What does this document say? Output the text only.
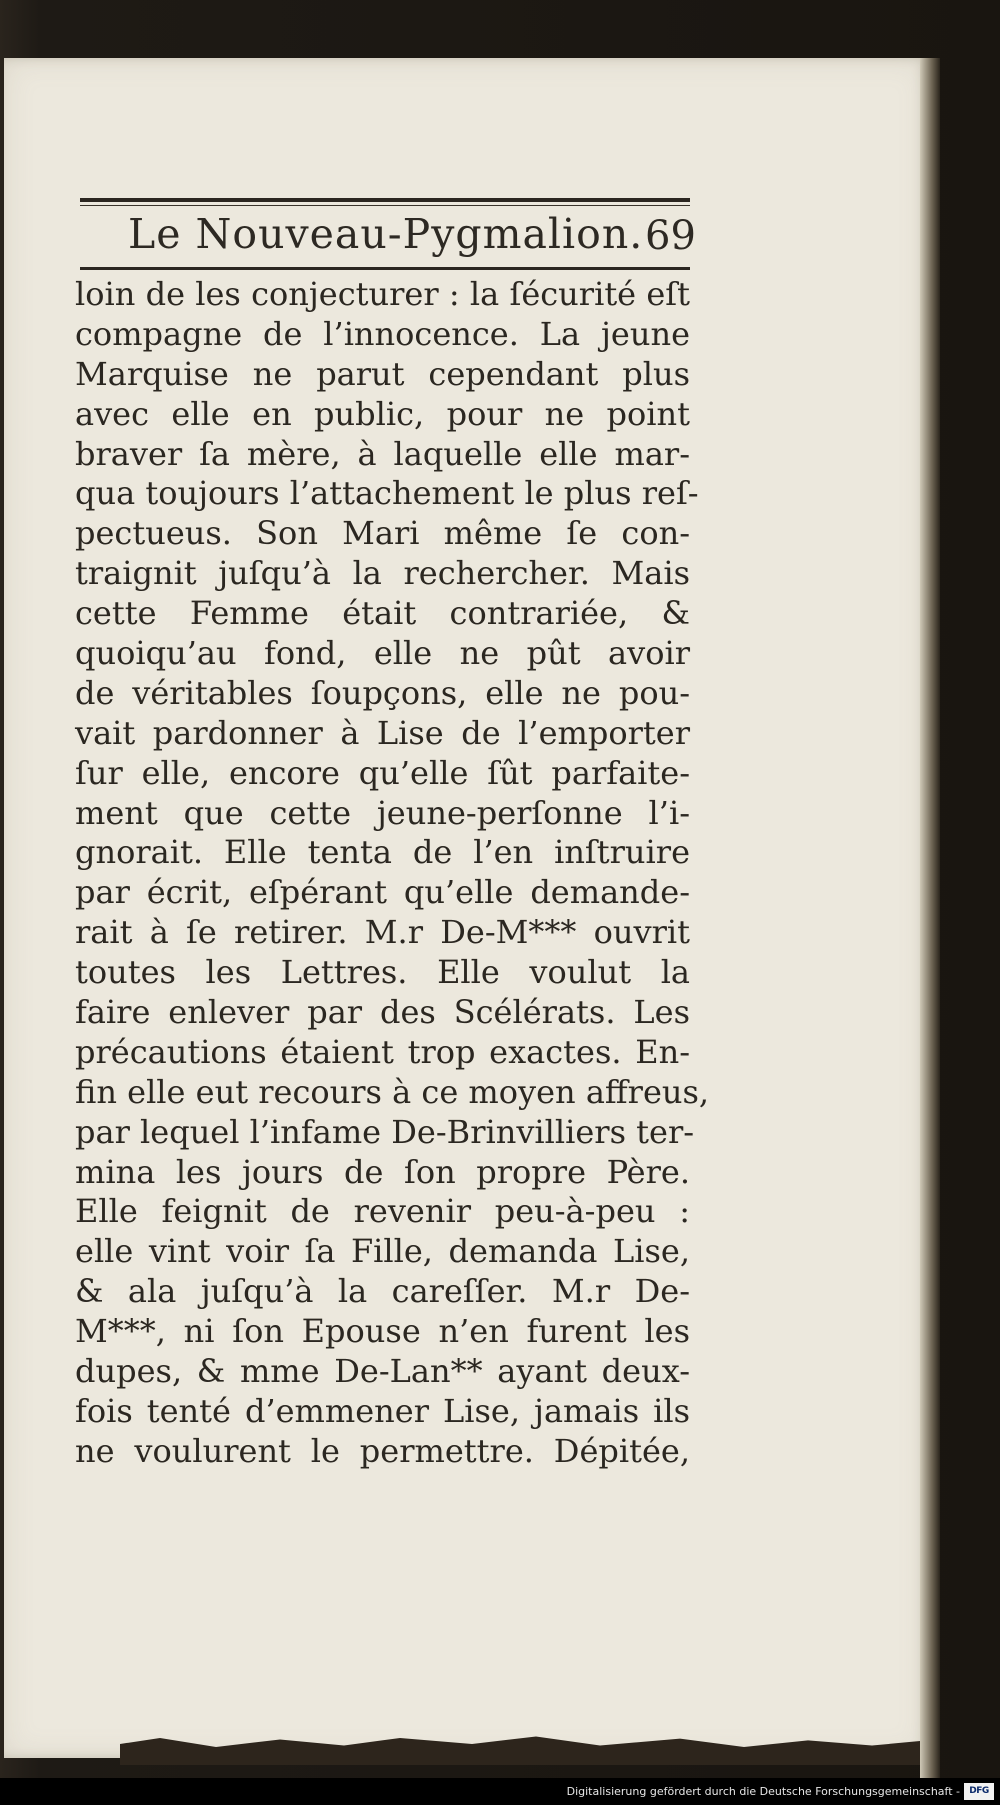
Le Nouveau-Pygmalion. 69
loin de les conjecturer : la ſécurité eſt
compagne de l’innocence. La jeune
Marquise ne parut cependant plus
avec elle en public, pour ne point
braver ſa mère, à laquelle elle mar-
qua toujours l’attachement le plus reſ-
pectueus. Son Mari même ſe con-
traignit juſqu’à la rechercher. Mais
cette Femme était contrariée, &
quoiqu’au fond, elle ne pût avoir
de véritables ſoupçons, elle ne pou-
vait pardonner à Lise de l’emporter
ſur elle, encore qu’elle ſût parfaite-
ment que cette jeune-perſonne l’i-
gnorait. Elle tenta de l’en inſtruire
par écrit, eſpérant qu’elle demande-
rait à ſe retirer. M.r De-M*** ouvrit
toutes les Lettres. Elle voulut la
faire enlever par des Scélérats. Les
précautions étaient trop exactes. En-
fin elle eut recours à ce moyen affreus,
par lequel l’infame De-Brinvilliers ter-
mina les jours de ſon propre Père.
Elle feignit de revenir peu-à-peu :
elle vint voir ſa Fille, demanda Lise,
& ala juſqu’à la careſſer. M.r De-
M***, ni ſon Epouse n’en furent les
dupes, & mme De-Lan** ayant deux-
fois tenté d’emmener Lise, jamais ils
ne voulurent le permettre. Dépitée,
Digitalisierung gefördert durch die Deutsche Forschungsgemeinschaft -	DFG
